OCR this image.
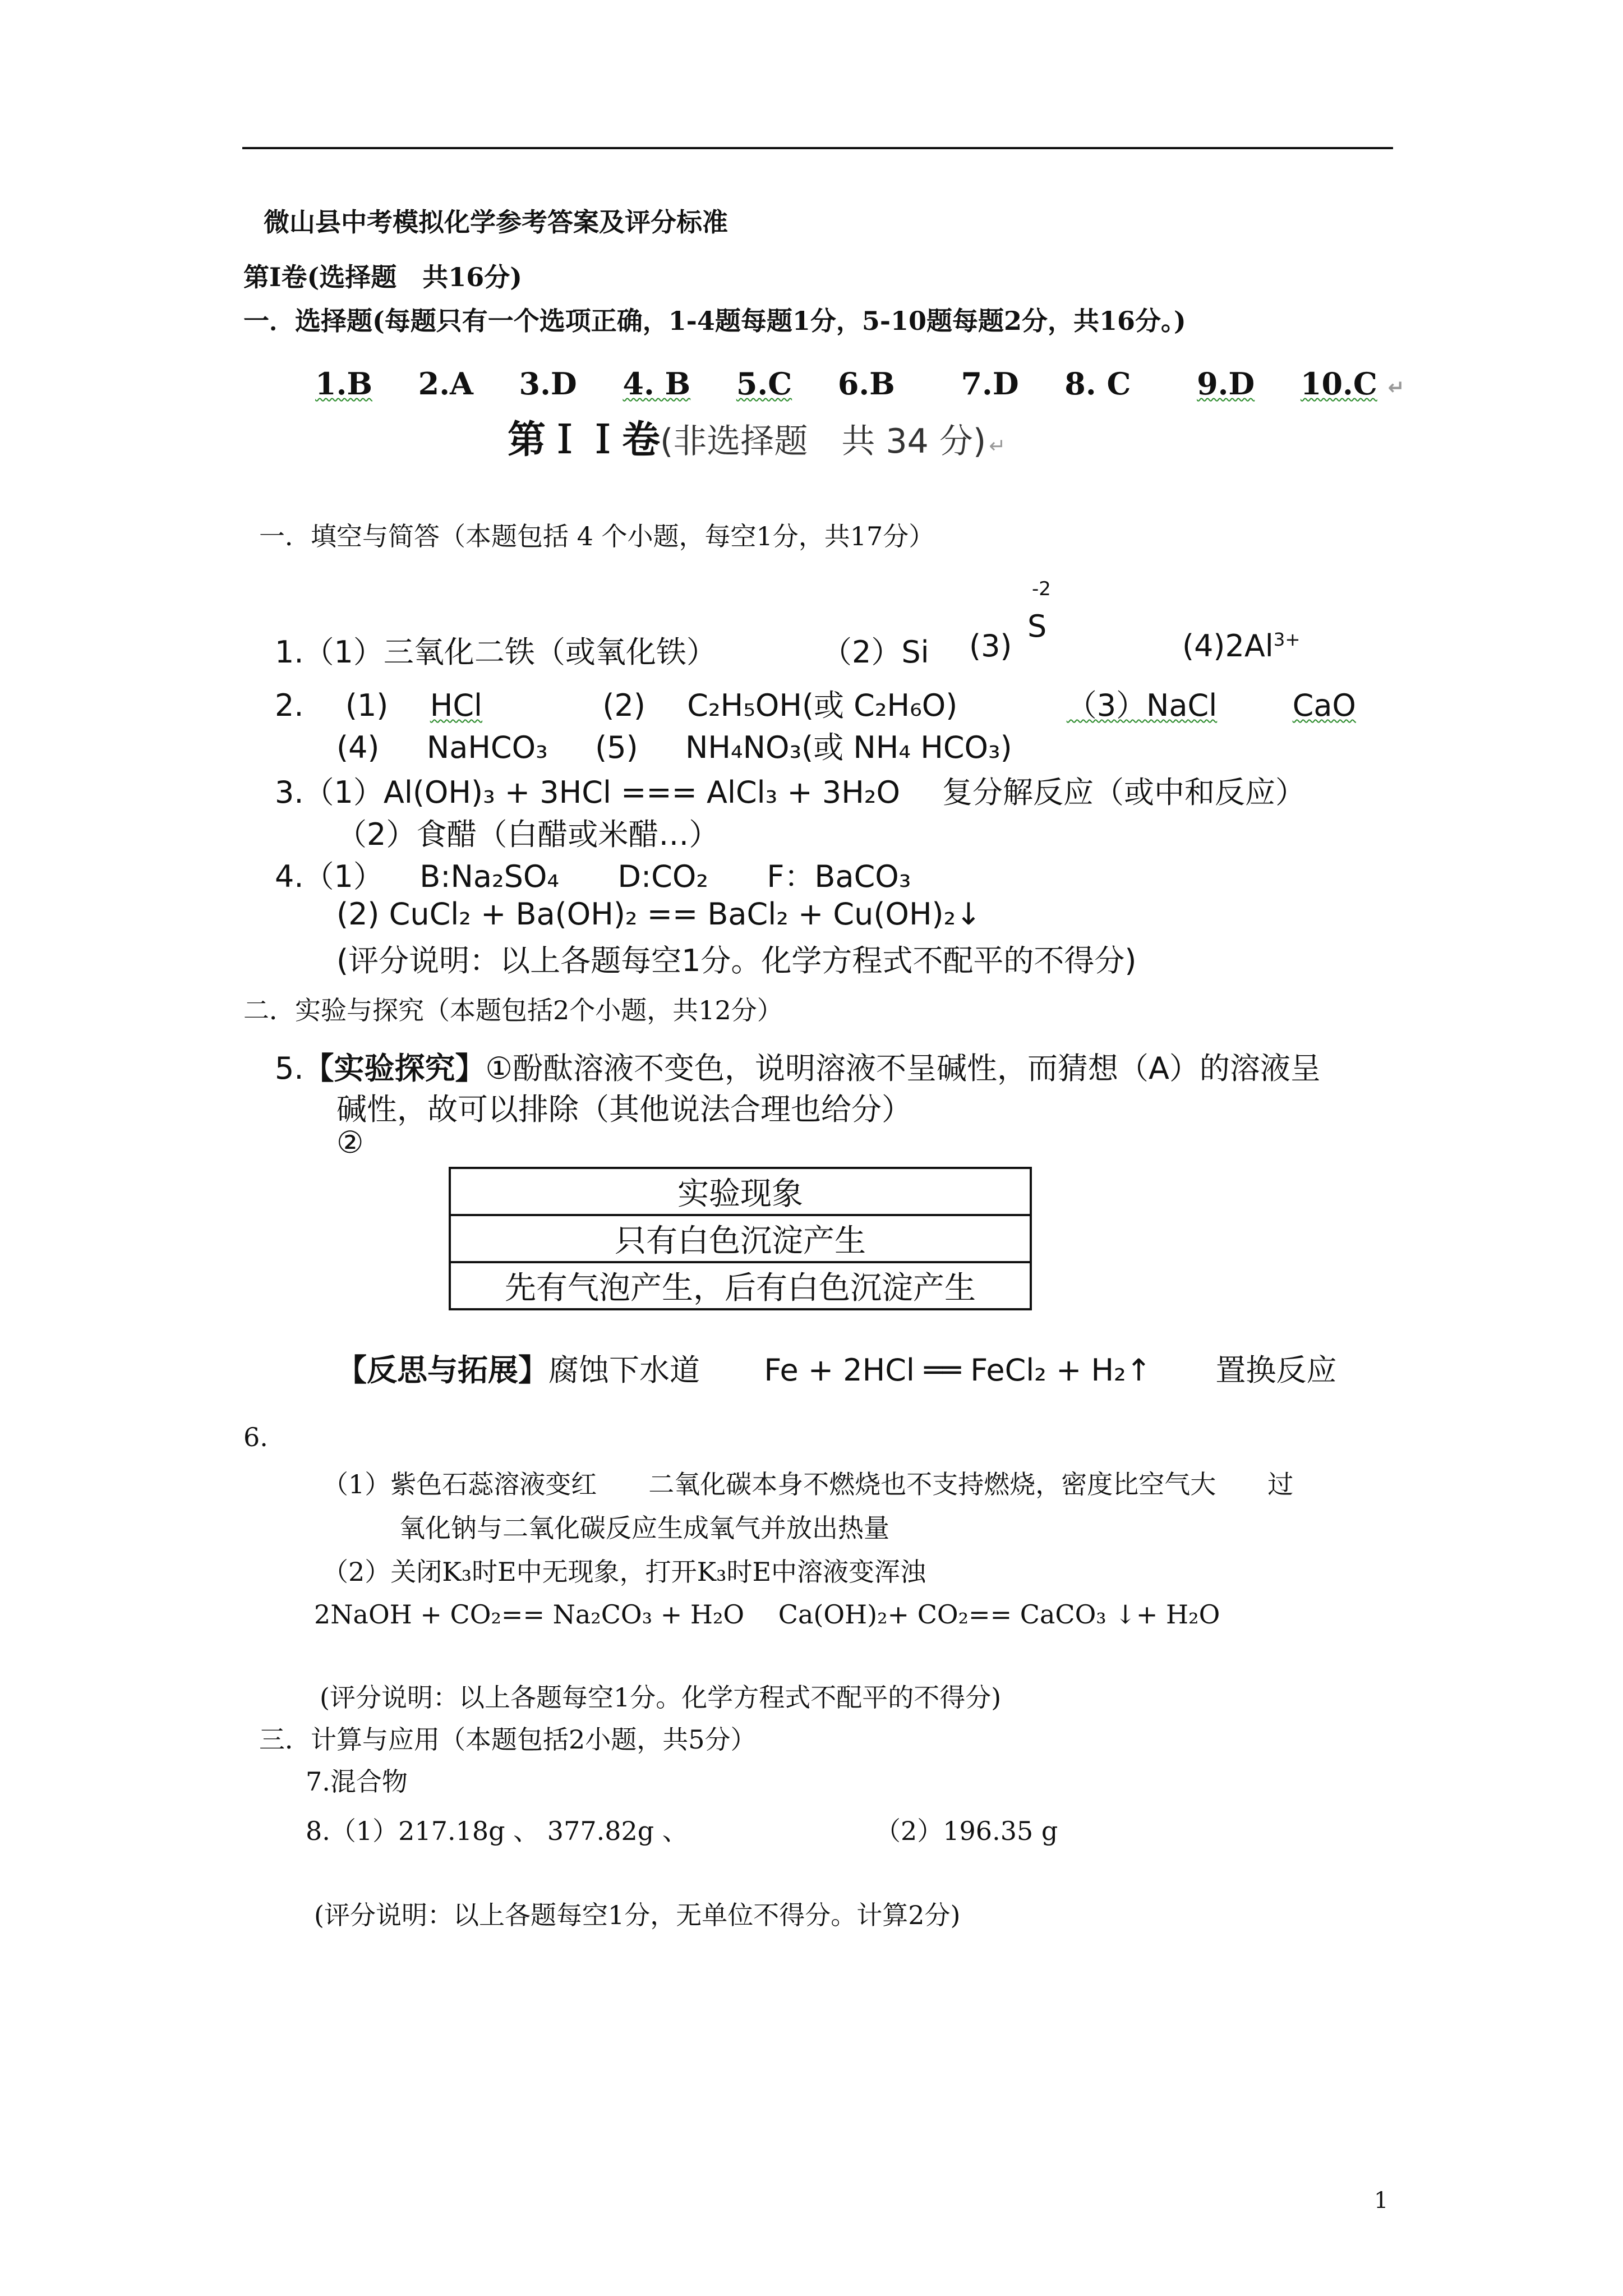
微山县中考模拟化学参考答案及评分标准
第Ⅰ卷(选择题　共16分)
一．选择题(每题只有一个选项正确，1-4题每题1分，5-10题每题2分，共16分。)
1.B 2.A 3.D 4. B 5.C 6.B 7.D 8. C 9.D 10.C ↵
第ＩＩ卷(非选择题　共 34 分) ↵
一．填空与简答（本题包括 4 个小题，每空1分，共17分）
1.（1）三氧化二铁（或氧化铁）	（2）Si (3)
-2
S
$(4)2Al^{3+}$
2. (1) HCl	(2) C₂H₅OH(或 C₂H₆O)	（3）NaCl CaO
(4) NaHCO₃ (5) NH₄NO₃(或 NH₄ HCO₃)
3.（1）Al(OH)₃ + 3HCl === AlCl₃ + 3H₂O 复分解反应（或中和反应）
（2）食醋（白醋或米醋…）
4.（1） B:Na₂SO₄ D:CO₂ F：BaCO₃
(2) CuCl₂ + Ba(OH)₂ == BaCl₂ + Cu(OH)₂↓
(评分说明：以上各题每空1分。化学方程式不配平的不得分)
二．实验与探究（本题包括2个小题，共12分）
5.【实验探究】①酚酞溶液不变色，说明溶液不呈碱性，而猜想（A）的溶液呈
碱性，故可以排除（其他说法合理也给分）
②
实验现象
只有白色沉淀产生
先有气泡产生，后有白色沉淀产生
【反思与拓展】腐蚀下水道 Fe + 2HCl ══ FeCl₂ + H₂↑ 置换反应
6.
（1）紫色石蕊溶液变红　　二氧化碳本身不燃烧也不支持燃烧，密度比空气大　　过
氧化钠与二氧化碳反应生成氧气并放出热量
（2）关闭K₃时E中无现象，打开K₃时E中溶液变浑浊
2NaOH + CO₂== Na₂CO₃ + H₂O　 Ca(OH)₂+ CO₂== CaCO₃ ↓+ H₂O
(评分说明：以上各题每空1分。化学方程式不配平的不得分)
三．计算与应用（本题包括2小题，共5分）
7.混合物
8.（1）217.18g 、 377.82g 、	（2）196.35 g
(评分说明：以上各题每空1分，无单位不得分。计算2分)
1
